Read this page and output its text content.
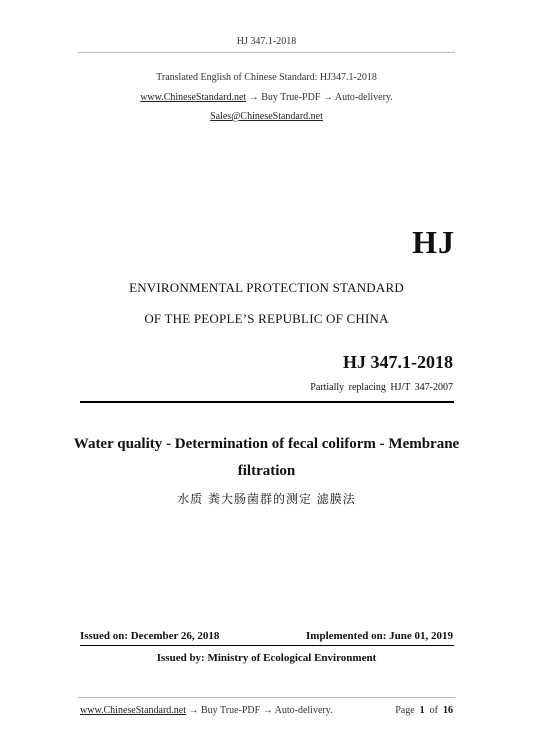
HJ 347.1-2018
Translated English of Chinese Standard: HJ347.1-2018
www.ChineseStandard.net → Buy True-PDF → Auto-delivery.
Sales@ChineseStandard.net
HJ
ENVIRONMENTAL PROTECTION STANDARD
OF THE PEOPLE’S REPUBLIC OF CHINA
HJ 347.1-2018
Partially replacing HJ/T 347-2007
Water quality - Determination of fecal coliform - Membrane
filtration
水质 粪大肠菌群的测定 滤膜法
Issued on: December 26, 2018	Implemented on: June 01, 2019
Issued by: Ministry of Ecological Environment
www.ChineseStandard.net → Buy True-PDF → Auto-delivery.	Page 1 of 16
